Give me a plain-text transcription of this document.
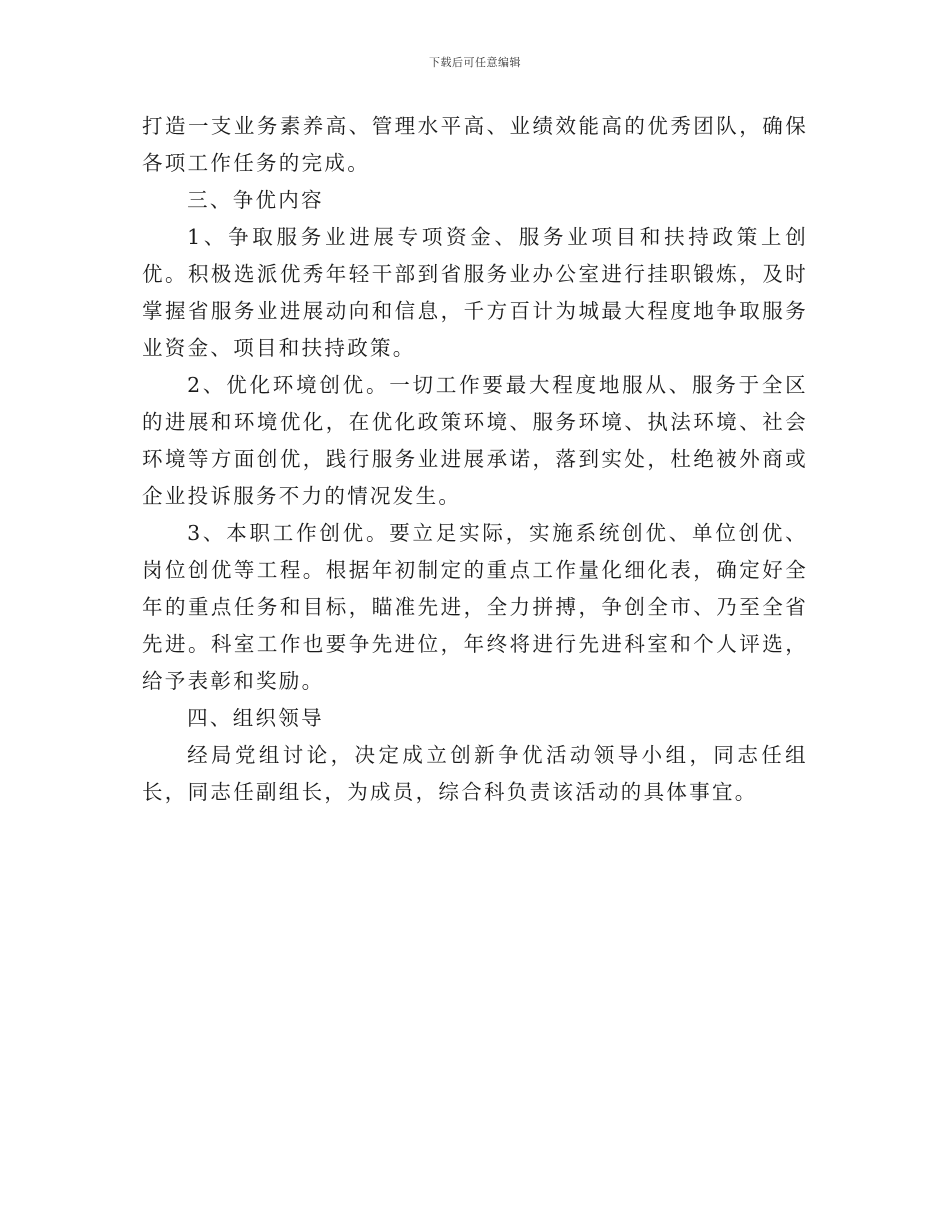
下载后可任意编辑

打造一支业务素养高、管理水平高、业绩效能高的优秀团队，确保各项工作任务的完成。

三、争优内容

1、争取服务业进展专项资金、服务业项目和扶持政策上创优。积极选派优秀年轻干部到省服务业办公室进行挂职锻炼，及时掌握省服务业进展动向和信息，千方百计为城最大程度地争取服务业资金、项目和扶持政策。

2、优化环境创优。一切工作要最大程度地服从、服务于全区的进展和环境优化，在优化政策环境、服务环境、执法环境、社会环境等方面创优，践行服务业进展承诺，落到实处，杜绝被外商或企业投诉服务不力的情况发生。

3、本职工作创优。要立足实际，实施系统创优、单位创优、岗位创优等工程。根据年初制定的重点工作量化细化表，确定好全年的重点任务和目标，瞄准先进，全力拼搏，争创全市、乃至全省先进。科室工作也要争先进位，年终将进行先进科室和个人评选，给予表彰和奖励。

四、组织领导

经局党组讨论，决定成立创新争优活动领导小组，同志任组长，同志任副组长，为成员，综合科负责该活动的具体事宜。
